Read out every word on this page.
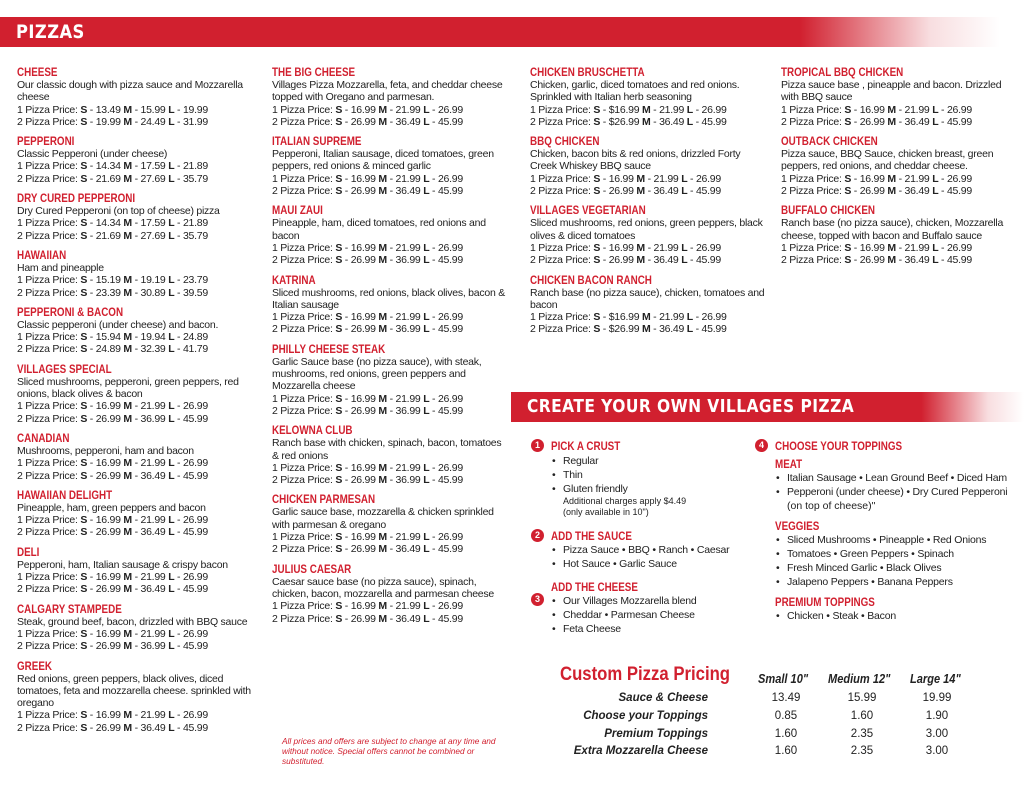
PIZZAS
CHEESE
Our classic dough with pizza sauce and Mozzarella cheese
1 Pizza Price: S - 13.49 M - 15.99 L - 19.99
2 Pizza Price: S - 19.99 M - 24.49 L - 31.99
PEPPERONI
Classic Pepperoni (under cheese)
1 Pizza Price: S - 14.34 M - 17.59 L - 21.89
2 Pizza Price: S - 21.69 M - 27.69 L - 35.79
DRY CURED PEPPERONI
Dry Cured Pepperoni (on top of cheese) pizza
1 Pizza Price: S - 14.34 M - 17.59 L - 21.89
2 Pizza Price: S - 21.69 M - 27.69 L - 35.79
HAWAIIAN
Ham and pineapple
1 Pizza Price: S - 15.19 M - 19.19 L - 23.79
2 Pizza Price: S - 23.39 M - 30.89 L - 39.59
PEPPERONI & BACON
Classic pepperoni (under cheese) and bacon.
1 Pizza Price: S - 15.94 M - 19.94 L - 24.89
2 Pizza Price: S - 24.89 M - 32.39 L - 41.79
VILLAGES SPECIAL
Sliced mushrooms, pepperoni, green peppers, red onions, black olives & bacon
1 Pizza Price: S - 16.99 M - 21.99 L - 26.99
2 Pizza Price: S - 26.99 M - 36.99 L - 45.99
CANADIAN
Mushrooms, pepperoni, ham and bacon
1 Pizza Price: S - 16.99 M - 21.99 L - 26.99
2 Pizza Price: S - 26.99 M - 36.49 L - 45.99
HAWAIIAN DELIGHT
Pineapple, ham, green peppers and bacon
1 Pizza Price: S - 16.99 M - 21.99 L - 26.99
2 Pizza Price: S - 26.99 M - 36.49 L - 45.99
DELI
Pepperoni, ham, Italian sausage & crispy bacon
1 Pizza Price: S - 16.99 M - 21.99 L - 26.99
2 Pizza Price: S - 26.99 M - 36.49 L - 45.99
CALGARY STAMPEDE
Steak, ground beef, bacon, drizzled with BBQ sauce
1 Pizza Price: S - 16.99 M - 21.99 L - 26.99
2 Pizza Price: S - 26.99 M - 36.99 L - 45.99
GREEK
Red onions, green peppers, black olives, diced tomatoes, feta and mozzarella cheese. sprinkled with oregano
1 Pizza Price: S - 16.99 M - 21.99 L - 26.99
2 Pizza Price: S - 26.99 M - 36.49 L - 45.99
THE BIG CHEESE
Villages Pizza Mozzarella, feta, and cheddar cheese topped with Oregano and parmesan.
1 Pizza Price: S - 16.99 M - 21.99 L - 26.99
2 Pizza Price: S - 26.99 M - 36.49 L - 45.99
ITALIAN SUPREME
Pepperoni, Italian sausage, diced tomatoes, green peppers, red onions & minced garlic
1 Pizza Price: S - 16.99 M - 21.99 L - 26.99
2 Pizza Price: S - 26.99 M - 36.49 L - 45.99
MAUI ZAUI
Pineapple, ham, diced tomatoes, red onions and bacon
1 Pizza Price: S - 16.99 M - 21.99 L - 26.99
2 Pizza Price: S - 26.99 M - 36.99 L - 45.99
KATRINA
Sliced mushrooms, red onions, black olives, bacon & Italian sausage
1 Pizza Price: S - 16.99 M - 21.99 L - 26.99
2 Pizza Price: S - 26.99 M - 36.99 L - 45.99
PHILLY CHEESE STEAK
Garlic Sauce base (no pizza sauce), with steak, mushrooms, red onions, green peppers and Mozzarella cheese
1 Pizza Price: S - 16.99 M - 21.99 L - 26.99
2 Pizza Price: S - 26.99 M - 36.99 L - 45.99
KELOWNA CLUB
Ranch base with chicken, spinach, bacon, tomatoes & red onions
1 Pizza Price: S - 16.99 M - 21.99 L - 26.99
2 Pizza Price: S - 26.99 M - 36.99 L - 45.99
CHICKEN PARMESAN
Garlic sauce base, mozzarella & chicken sprinkled with parmesan & oregano
1 Pizza Price: S - 16.99 M - 21.99 L - 26.99
2 Pizza Price: S - 26.99 M - 36.49 L - 45.99
JULIUS CAESAR
Caesar sauce base (no pizza sauce), spinach, chicken, bacon, mozzarella and parmesan cheese
1 Pizza Price: S - 16.99 M - 21.99 L - 26.99
2 Pizza Price: S - 26.99 M - 36.49 L - 45.99
CHICKEN BRUSCHETTA
Chicken, garlic, diced tomatoes and red onions. Sprinkled with Italian herb seasoning
1 Pizza Price: S - $16.99 M - 21.99 L - 26.99
2 Pizza Price: S - $26.99 M - 36.49 L - 45.99
BBQ CHICKEN
Chicken, bacon bits & red onions, drizzled Forty Creek Whiskey BBQ sauce
1 Pizza Price: S - 16.99 M - 21.99 L - 26.99
2 Pizza Price: S - 26.99 M - 36.49 L - 45.99
VILLAGES VEGETARIAN
Sliced mushrooms, red onions, green peppers, black olives & diced tomatoes
1 Pizza Price: S - 16.99 M - 21.99 L - 26.99
2 Pizza Price: S - 26.99 M - 36.49 L - 45.99
CHICKEN BACON RANCH
Ranch base (no pizza sauce), chicken, tomatoes and bacon
1 Pizza Price: S - $16.99 M - 21.99 L - 26.99
2 Pizza Price: S - $26.99 M - 36.49 L - 45.99
TROPICAL BBQ CHICKEN
Pizza sauce base , pineapple and bacon. Drizzled with BBQ sauce
1 Pizza Price: S - 16.99 M - 21.99 L - 26.99
2 Pizza Price: S - 26.99 M - 36.49 L - 45.99
OUTBACK CHICKEN
Pizza sauce, BBQ Sauce, chicken breast, green peppers, red onions, and cheddar cheese.
1 Pizza Price: S - 16.99 M - 21.99 L - 26.99
2 Pizza Price: S - 26.99 M - 36.49 L - 45.99
BUFFALO CHICKEN
Ranch base (no pizza sauce), chicken, Mozzarella cheese, topped with bacon and Buffalo sauce
1 Pizza Price: S - 16.99 M - 21.99 L - 26.99
2 Pizza Price: S - 26.99 M - 36.49 L - 45.99
All prices and offers are subject to change at any time and without notice. Special offers cannot be combined or substituted.
CREATE YOUR OWN VILLAGES PIZZA
1 PICK A CRUST
• Regular
• Thin
• Gluten friendly
Additional charges apply $4.49
(only available in 10")
2 ADD THE SAUCE
• Pizza Sauce • BBQ • Ranch • Caesar
• Hot Sauce • Garlic Sauce
3
ADD THE CHEESE
• Our Villages Mozzarella blend
• Cheddar • Parmesan Cheese
• Feta Cheese
4 CHOOSE YOUR TOPPINGS
MEAT
• Italian Sausage • Lean Ground Beef • Diced Ham
• Pepperoni (under cheese) • Dry Cured Pepperoni
(on top of cheese)"
VEGGIES
• Sliced Mushrooms • Pineapple • Red Onions
• Tomatoes • Green Peppers • Spinach
• Fresh Minced Garlic • Black Olives
• Jalapeno Peppers • Banana Peppers
PREMIUM TOPPINGS
• Chicken • Steak • Bacon
Custom Pizza Pricing Small 10" Medium 12" Large 14"
Sauce & Cheese	13.49	15.99	19.99
Choose your Toppings	0.85	1.60	1.90
Premium Toppings	1.60	2.35	3.00
Extra Mozzarella Cheese	1.60	2.35	3.00
